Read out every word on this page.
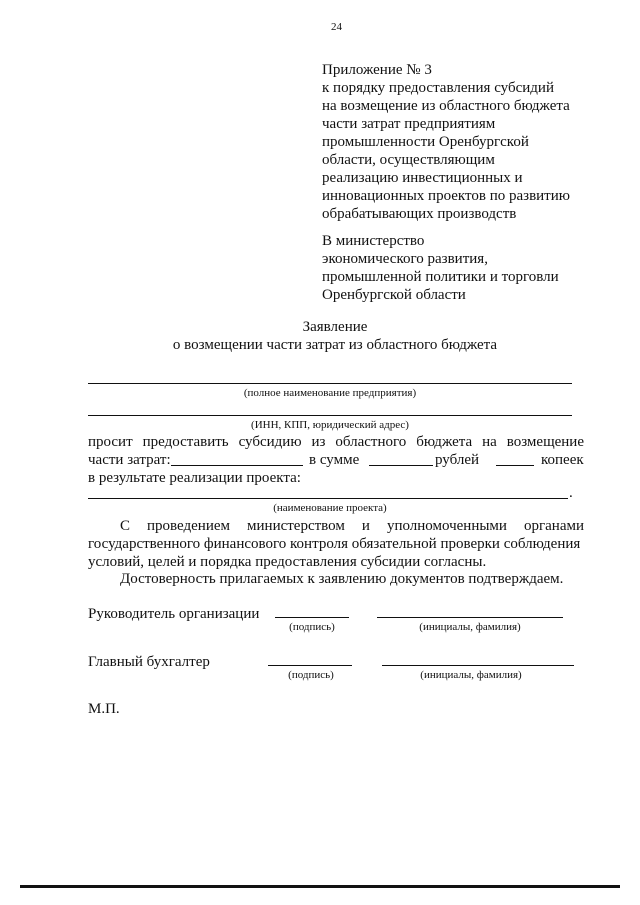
24
Приложение № 3
к порядку предоставления субсидий
на возмещение из областного бюджета
части затрат предприятиям
промышленности Оренбургской
области, осуществляющим
реализацию инвестиционных и
инновационных проектов по развитию
обрабатывающих производств
В министерство
экономического развития,
промышленной политики и торговли
Оренбургской области
Заявление
о возмещении части затрат из областного бюджета
(полное наименование предприятия)
(ИНН, КПП, юридический адрес)
просит предоставить субсидию из областного бюджета на возмещение
части затрат:	в сумме	рублей	копеек
в результате реализации проекта:
.
(наименование проекта)
С проведением министерством и уполномоченными органами
государственного финансового контроля обязательной проверки соблюдения
условий, целей и порядка предоставления субсидии согласны.
Достоверность прилагаемых к заявлению документов подтверждаем.
Руководитель организации
(подпись)	(инициалы, фамилия)
Главный бухгалтер
(подпись)	(инициалы, фамилия)
М.П.
